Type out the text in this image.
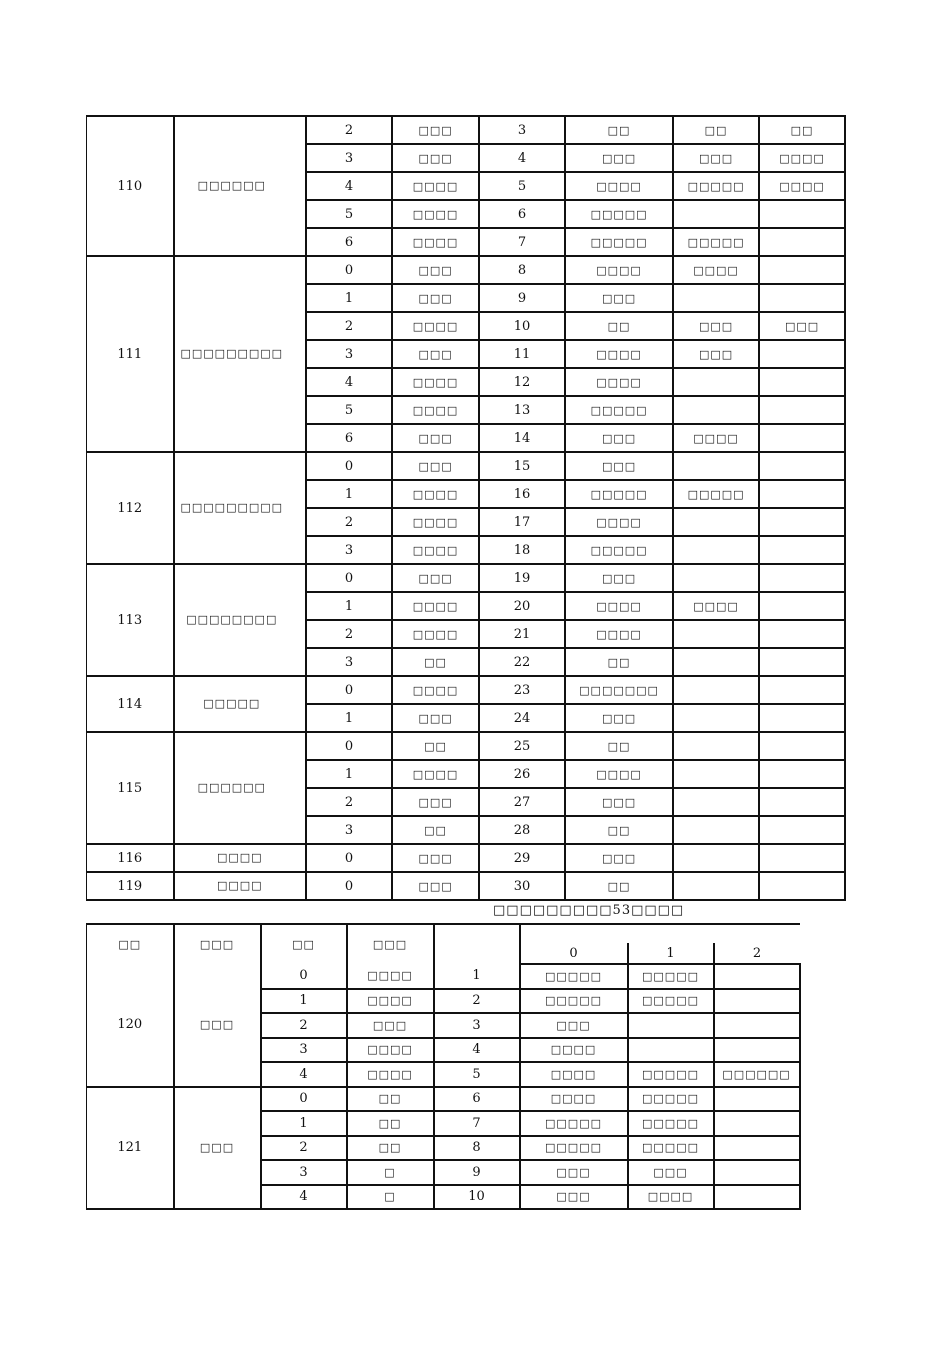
110	□□□□□□	2	□□□	3	□□	□□	□□
		3	□□□	4	□□□	□□□	□□□□
		4	□□□□	5	□□□□	□□□□□	□□□□
		5	□□□□	6	□□□□□		
		6	□□□□	7	□□□□□	□□□□□	
111	□□□□□□□□□	0	□□□	8	□□□□	□□□□	
		1	□□□	9	□□□		
		2	□□□□	10	□□	□□□	□□□
		3	□□□	11	□□□□	□□□	
		4	□□□□	12	□□□□		
		5	□□□□	13	□□□□□		
		6	□□□	14	□□□	□□□□	
112	□□□□□□□□□	0	□□□	15	□□□		
		1	□□□□	16	□□□□□	□□□□□	
		2	□□□□	17	□□□□		
		3	□□□□	18	□□□□□		
113	□□□□□□□□	0	□□□	19	□□□		
		1	□□□□	20	□□□□	□□□□	
		2	□□□□	21	□□□□		
		3	□□	22	□□		
114	□□□□□	0	□□□□	23	□□□□□□□		
		1	□□□	24	□□□		
115	□□□□□□	0	□□	25	□□		
		1	□□□□	26	□□□□		
		2	□□□	27	□□□		
		3	□□	28	□□		
116	□□□□	0	□□□	29	□□□		
119	□□□□	0	□□□	30	□□		
□□□□□□□□□53□□□□
□□	□□□	□□	□□□				
					0	1	2
120	□□□	0	□□□□	1	□□□□□	□□□□□	
		1	□□□□	2	□□□□□	□□□□□	
		2	□□□	3	□□□		
		3	□□□□	4	□□□□		
		4	□□□□	5	□□□□	□□□□□	□□□□□□
121	□□□	0	□□	6	□□□□	□□□□□	
		1	□□	7	□□□□□	□□□□□	
		2	□□	8	□□□□□	□□□□□	
		3	□	9	□□□	□□□	
		4	□	10	□□□	□□□□	
